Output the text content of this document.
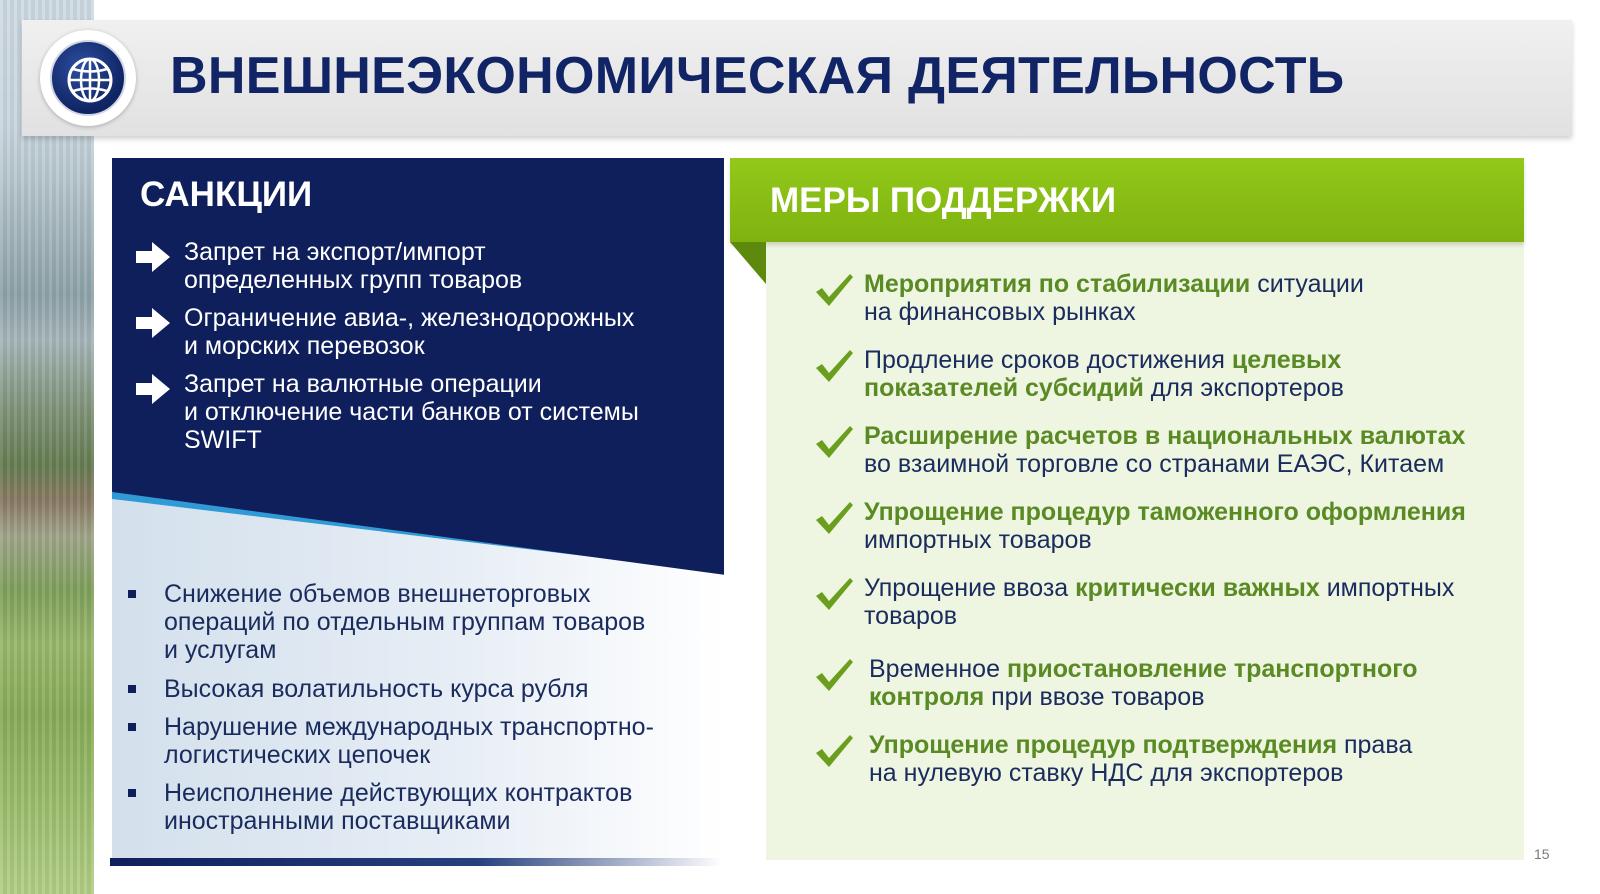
ВНЕШНЕЭКОНОМИЧЕСКАЯ ДЕЯТЕЛЬНОСТЬ
САНКЦИИ
Запрет на экспорт/импорт
определенных групп товаров
Ограничение авиа-, железнодорожных
и морских перевозок
Запрет на валютные операции
и отключение части банков от системы
SWIFT
Снижение объемов внешнеторговых
операций по отдельным группам товаров
и услугам
Высокая волатильность курса рубля
Нарушение международных транспортно-
логистических цепочек
Неисполнение действующих контрактов
иностранными поставщиками
МЕРЫ ПОДДЕРЖКИ
Мероприятия по стабилизации ситуации
на финансовых рынках
Продление сроков достижения целевых
показателей субсидий для экспортеров
Расширение расчетов в национальных валютах
во взаимной торговле со странами ЕАЭС, Китаем
Упрощение процедур таможенного оформления
импортных товаров
Упрощение ввоза критически важных импортных
товаров
Временное приостановление транспортного
контроля при ввозе товаров
Упрощение процедур подтверждения права
на нулевую ставку НДС для экспортеров
15
